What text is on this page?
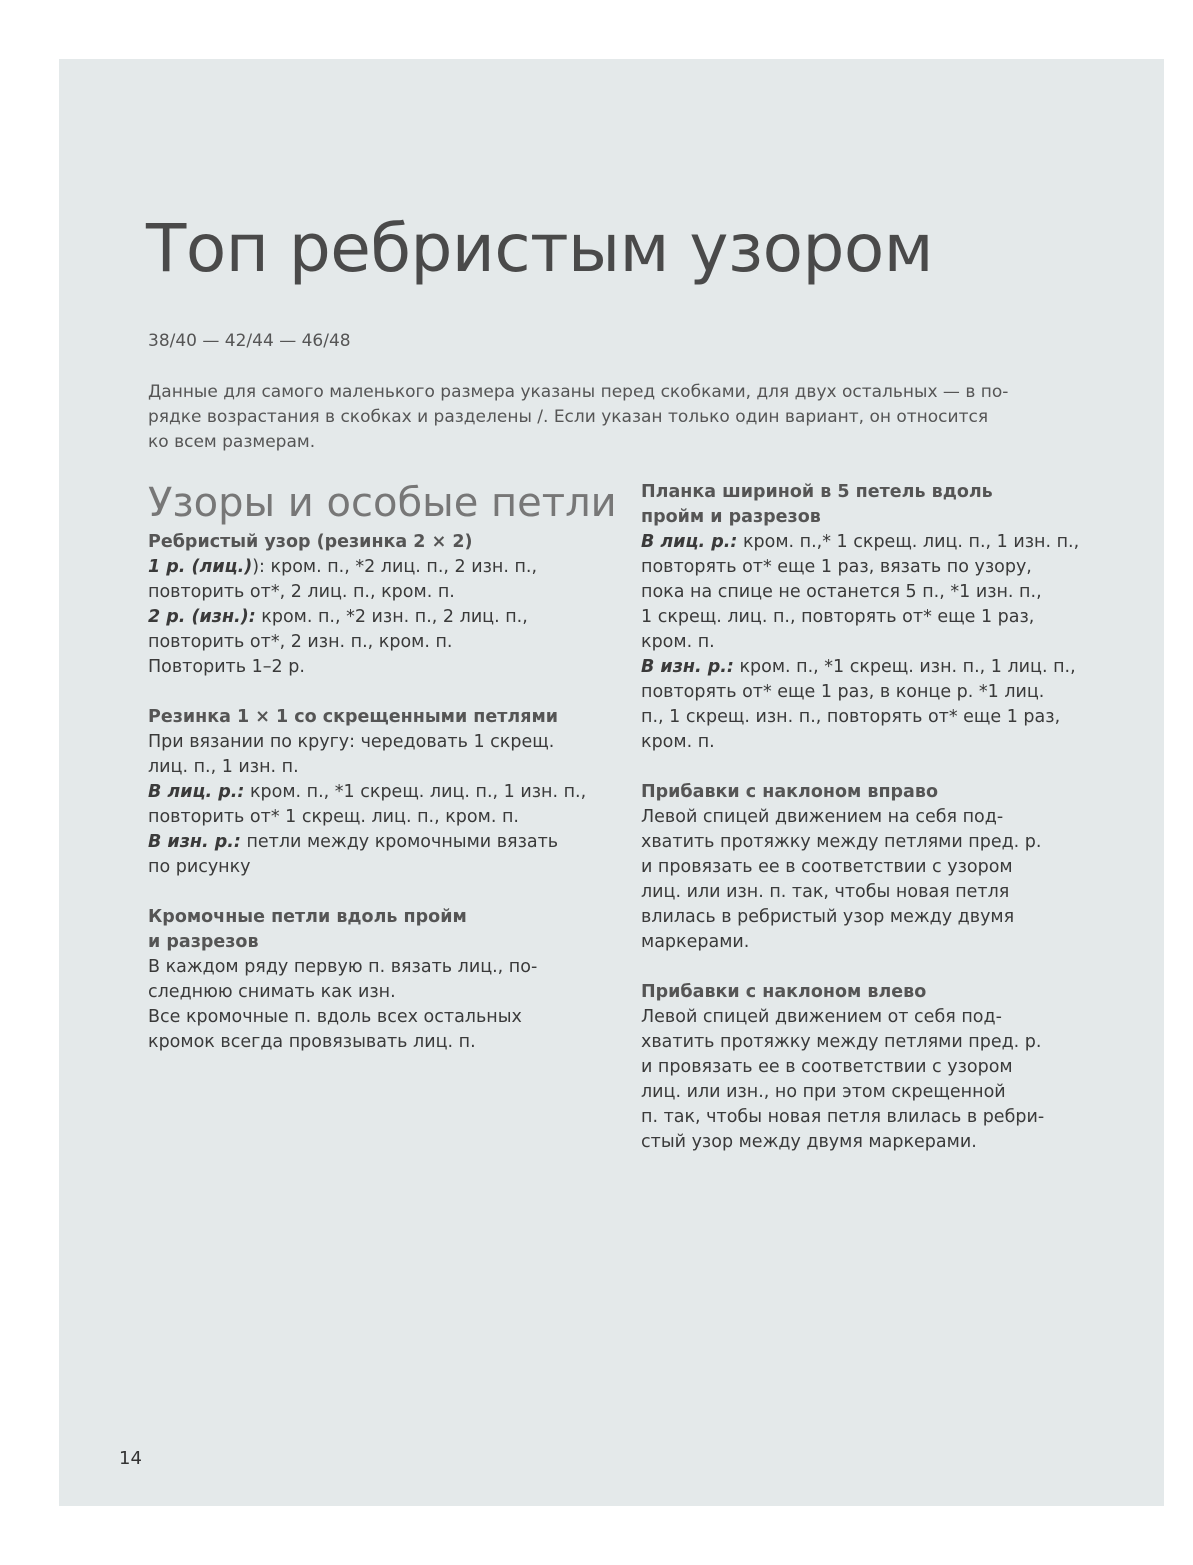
Топ ребристым узором
38/40 — 42/44 — 46/48

Данные для самого маленького размера указаны перед скобками, для двух остальных — в по-
рядке возрастания в скобках и разделены /. Если указан только один вариант, он относится
ко всем размерам.

Узоры и особые петли
Ребристый узор (резинка 2 × 2)
1 р. (лиц.)): кром. п., *2 лиц. п., 2 изн. п.,
повторить от*, 2 лиц. п., кром. п.
2 р. (изн.): кром. п., *2 изн. п., 2 лиц. п.,
повторить от*, 2 изн. п., кром. п.
Повторить 1–2 р.
Резинка 1 × 1 со скрещенными петлями
При вязании по кругу: чередовать 1 скрещ.
лиц. п., 1 изн. п.
В лиц. р.: кром. п., *1 скрещ. лиц. п., 1 изн. п.,
повторить от* 1 скрещ. лиц. п., кром. п.
В изн. р.: петли между кромочными вязать
по рисунку
Кромочные петли вдоль пройм
и разрезов
В каждом ряду первую п. вязать лиц., по-
следнюю снимать как изн.
Все кромочные п. вдоль всех остальных
кромок всегда провязывать лиц. п.
Планка шириной в 5 петель вдоль
пройм и разрезов
В лиц. р.: кром. п.,* 1 скрещ. лиц. п., 1 изн. п.,
повторять от* еще 1 раз, вязать по узору,
пока на спице не останется 5 п., *1 изн. п.,
1 скрещ. лиц. п., повторять от* еще 1 раз,
кром. п.
В изн. р.: кром. п., *1 скрещ. изн. п., 1 лиц. п.,
повторять от* еще 1 раз, в конце р. *1 лиц.
п., 1 скрещ. изн. п., повторять от* еще 1 раз,
кром. п.
Прибавки с наклоном вправо
Левой спицей движением на себя под-
хватить протяжку между петлями пред. р.
и провязать ее в соответствии с узором
лиц. или изн. п. так, чтобы новая петля
влилась в ребристый узор между двумя
маркерами.
Прибавки с наклоном влево
Левой спицей движением от себя под-
хватить протяжку между петлями пред. р.
и провязать ее в соответствии с узором
лиц. или изн., но при этом скрещенной
п. так, чтобы новая петля влилась в ребри-
стый узор между двумя маркерами.
14
